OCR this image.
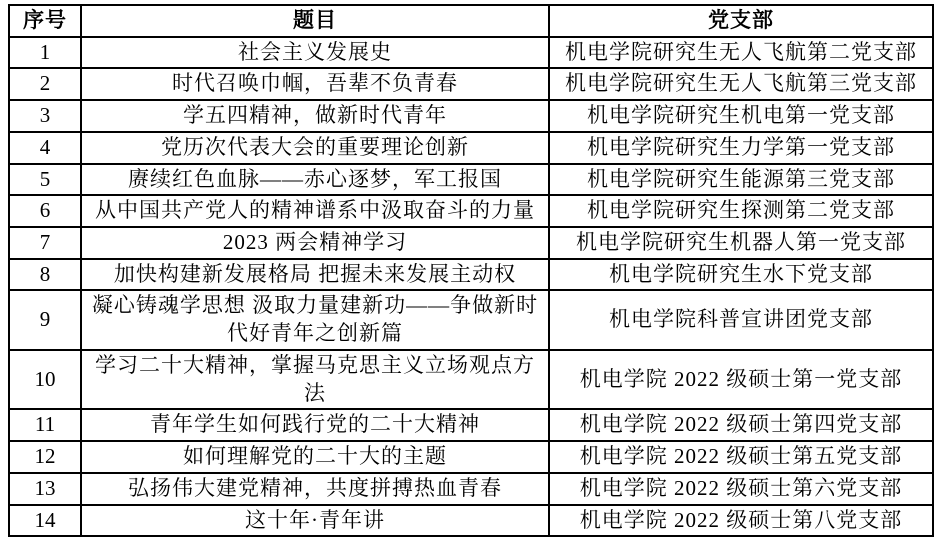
序号	题目	党支部
1	社会主义发展史	机电学院研究生无人飞航第二党支部
2	时代召唤巾帼，吾辈不负青春	机电学院研究生无人飞航第三党支部
3	学五四精神，做新时代青年	机电学院研究生机电第一党支部
4	党历次代表大会的重要理论创新	机电学院研究生力学第一党支部
5	赓续红色血脉——赤心逐梦，军工报国	机电学院研究生能源第三党支部
6	从中国共产党人的精神谱系中汲取奋斗的力量	机电学院研究生探测第二党支部
7	2023 两会精神学习	机电学院研究生机器人第一党支部
8	加快构建新发展格局 把握未来发展主动权	机电学院研究生水下党支部
9	凝心铸魂学思想 汲取力量建新功——争做新时代好青年之创新篇	机电学院科普宣讲团党支部
10	学习二十大精神，掌握马克思主义立场观点方法	机电学院 2022 级硕士第一党支部
11	青年学生如何践行党的二十大精神	机电学院 2022 级硕士第四党支部
12	如何理解党的二十大的主题	机电学院 2022 级硕士第五党支部
13	弘扬伟大建党精神，共度拼搏热血青春	机电学院 2022 级硕士第六党支部
14	这十年·青年讲	机电学院 2022 级硕士第八党支部
